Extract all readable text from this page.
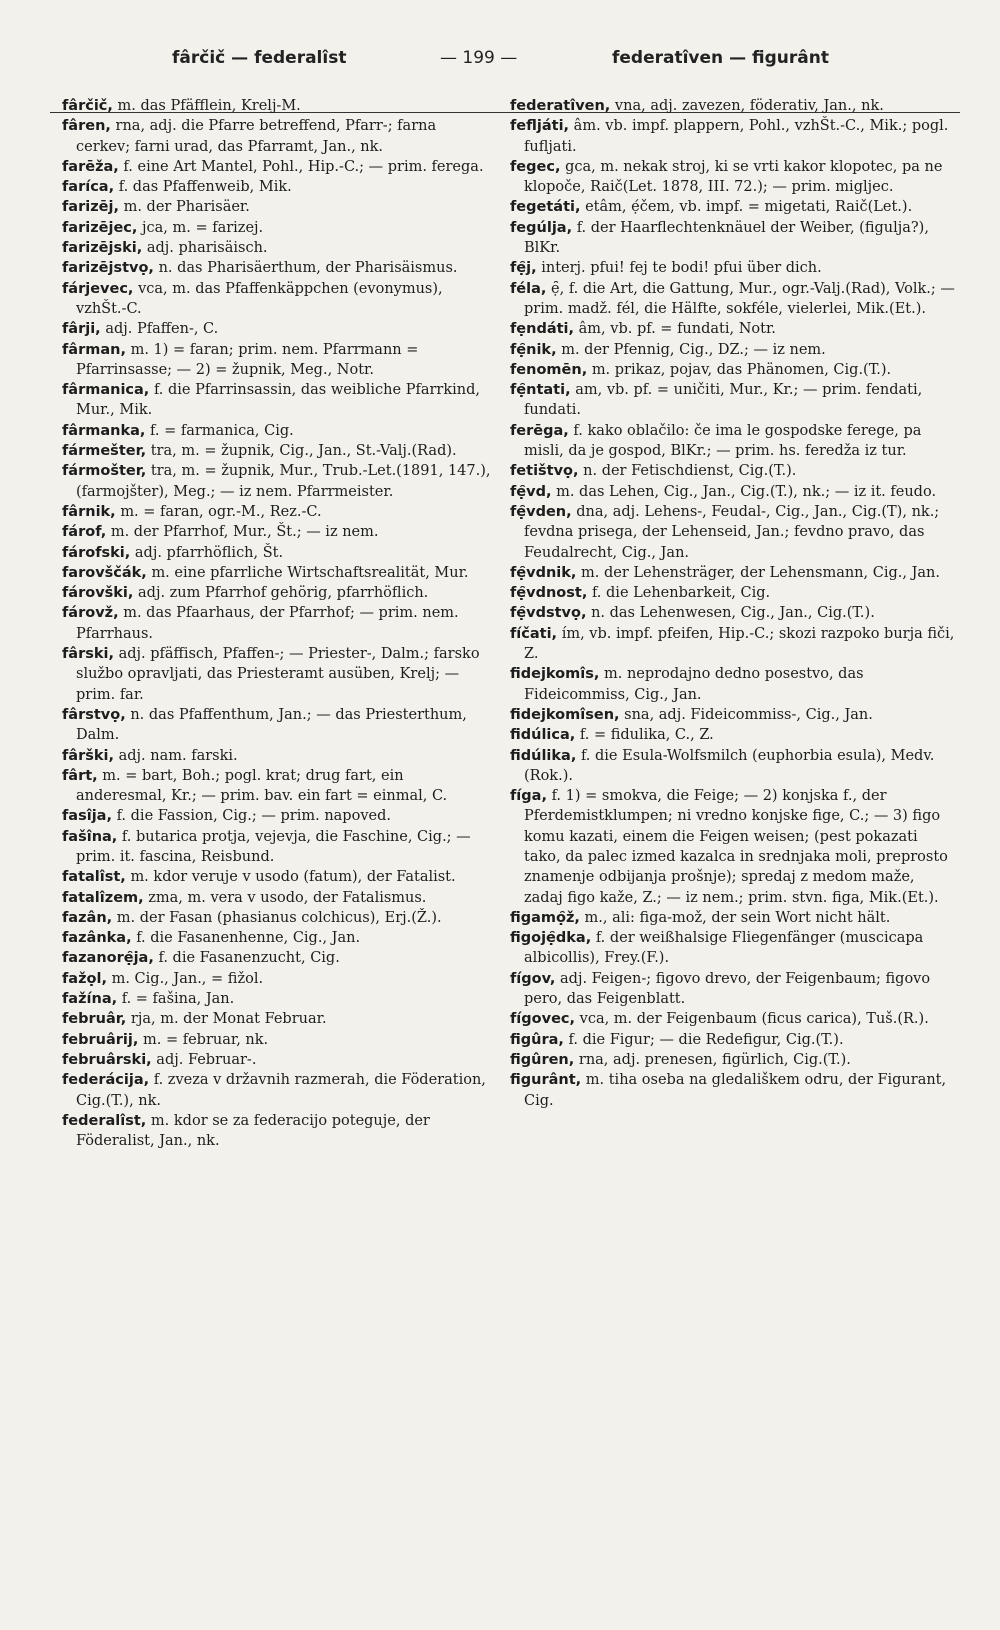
fârčič — federalîst	— 199 —	federatîven — figurânt

fârčič, m. das Pfäfflein, Krelj-M.

fâren, rna, adj. die Pfarre betreffend, Pfarr-; farna cerkev; farni urad, das Pfarramt, Jan., nk.

farēža, f. eine Art Mantel, Pohl., Hip.-C.; — prim. ferega.

faríca, f. das Pfaffenweib, Mik.

farizēj, m. der Pharisäer.

farizējec, jca, m. = farizej.

farizējski, adj. pharisäisch.

farizējstvọ, n. das Pharisäerthum, der Pharisäismus.

fárjevec, vca, m. das Pfaffenkäppchen (evonymus), vzhŠt.-C.

fârji, adj. Pfaffen-, C.

fârman, m. 1) = faran; prim. nem. Pfarrmann = Pfarrinsasse; — 2) = župnik, Meg., Notr.

fârmanica, f. die Pfarrinsassin, das weibliche Pfarrkind, Mur., Mik.

fârmanka, f. = farmanica, Cig.

fármešter, tra, m. = župnik, Cig., Jan., St.-Valj.(Rad).

fármošter, tra, m. = župnik, Mur., Trub.-Let.(1891, 147.), (farmojšter), Meg.; — iz nem. Pfarrmeister.

fârnik, m. = faran, ogr.-M., Rez.-C.

fárof, m. der Pfarrhof, Mur., Št.; — iz nem.

fárofski, adj. pfarrhöflich, Št.

farovščák, m. eine pfarrliche Wirtschaftsrealität, Mur.

fárovški, adj. zum Pfarrhof gehörig, pfarrhöflich.

fárovž, m. das Pfaarhaus, der Pfarrhof; — prim. nem. Pfarrhaus.

fârski, adj. pfäffisch, Pfaffen-; — Priester-, Dalm.; farsko službo opravljati, das Priesteramt ausüben, Krelj; — prim. far.

fârstvọ, n. das Pfaffenthum, Jan.; — das Priesterthum, Dalm.

fârški, adj. nam. farski.

fârt, m. = bart, Boh.; pogl. krat; drug fart, ein anderesmal, Kr.; — prim. bav. ein fart = einmal, C.

fasîja, f. die Fassion, Cig.; — prim. napoved.

fašîna, f. butarica protja, vejevja, die Faschine, Cig.; — prim. it. fascina, Reisbund.

fatalîst, m. kdor veruje v usodo (fatum), der Fatalist.

fatalîzem, zma, m. vera v usodo, der Fatalismus.

fazân, m. der Fasan (phasianus colchicus), Erj.(Ž.).

fazânka, f. die Fasanenhenne, Cig., Jan.

fazanorẹ̑ja, f. die Fasanenzucht, Cig.

fažọl, m. Cig., Jan., = fižol.

fažína, f. = fašina, Jan.

februâr, rja, m. der Monat Februar.

februârij, m. = februar, nk.

februârski, adj. Februar-.

federácija, f. zveza v državnih razmerah, die Föderation, Cig.(T.), nk.

federalîst, m. kdor se za federacijo poteguje, der Föderalist, Jan., nk.

federatîven, vna, adj. zavezen, föderativ, Jan., nk.

fefljáti, âm. vb. impf. plappern, Pohl., vzhŠt.-C., Mik.; pogl. fufljati.

fegec, gca, m. nekak stroj, ki se vrti kakor klopotec, pa ne klopoče, Raič(Let. 1878, III. 72.); — prim. migljec.

fegetáti, etâm, ẹ́čem, vb. impf. = migetati, Raič(Let.).

fegúlja, f. der Haarflechtenknäuel der Weiber, (figulja?), BlKr.

fẹ̑j, interj. pfui! fej te bodi! pfui über dich.

féla, ẹ̑, f. die Art, die Gattung, Mur., ogr.-Valj.(Rad), Volk.; — prim. madž. fél, die Hälfte, sokféle, vielerlei, Mik.(Et.).

fẹndáti, âm, vb. pf. = fundati, Notr.

fẹ̑nik, m. der Pfennig, Cig., DZ.; — iz nem.

fenomēn, m. prikaz, pojav, das Phänomen, Cig.(T.).

fẹ̑ntati, am, vb. pf. = uničiti, Mur., Kr.; — prim. fendati, fundati.

ferēga, f. kako oblačilo: če ima le gospodske ferege, pa misli, da je gospod, BlKr.; — prim. hs. feredža iz tur.

fetištvọ, n. der Fetischdienst, Cig.(T.).

fẹ̑vd, m. das Lehen, Cig., Jan., Cig.(T.), nk.; — iz it. feudo.

fẹ̑vden, dna, adj. Lehens-, Feudal-, Cig., Jan., Cig.(T), nk.; fevdna prisega, der Lehenseid, Jan.; fevdno pravo, das Feudalrecht, Cig., Jan.

fẹ̑vdnik, m. der Lehensträger, der Lehensmann, Cig., Jan.

fẹ̑vdnost, f. die Lehenbarkeit, Cig.

fẹ̑vdstvọ, n. das Lehenwesen, Cig., Jan., Cig.(T.).

fíčati, ím, vb. impf. pfeifen, Hip.-C.; skozi razpoko burja fiči, Z.

fidejkomîs, m. neprodajno dedno posestvo, das Fideicommiss, Cig., Jan.

fidejkomîsen, sna, adj. Fideicommiss-, Cig., Jan.

fidúlica, f. = fidulika, C., Z.

fidúlika, f. die Esula-Wolfsmilch (euphorbia esula), Medv.(Rok.).

fíga, f. 1) = smokva, die Feige; — 2) konjska f., der Pferdemistklumpen; ni vredno konjske fige, C.; — 3) figo komu kazati, einem die Feigen weisen; (pest pokazati tako, da palec izmed kazalca in srednjaka moli, preprosto znamenje odbijanja prošnje); spredaj z medom maže, zadaj figo kaže, Z.; — iz nem.; prim. stvn. figa, Mik.(Et.).

figamọ̑ž, m., ali: figa-mož, der sein Wort nicht hält.

figojẹ̑dka, f. der weißhalsige Fliegenfänger (muscicapa albicollis), Frey.(F.).

fígov, adj. Feigen-; figovo drevo, der Feigenbaum; figovo pero, das Feigenblatt.

fígovec, vca, m. der Feigenbaum (ficus carica), Tuš.(R.).

figûra, f. die Figur; — die Redefigur, Cig.(T.).

figûren, rna, adj. prenesen, figürlich, Cig.(T.).

figurânt, m. tiha oseba na gledališkem odru, der Figurant, Cig.
